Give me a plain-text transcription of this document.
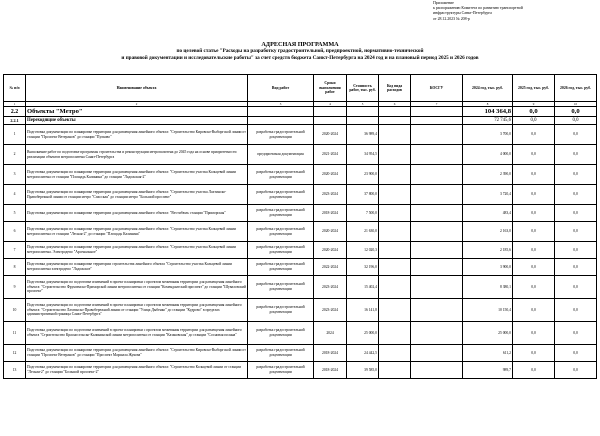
Приложение
к распоряжению Комитета по развитию транспортной
инфраструктуры Санкт-Петербурга
от 28.12.2023 № 208-р
АДРЕСНАЯ ПРОГРАММА
по целевой статье "Расходы на разработку градостроительной, предпроектной, нормативно-технической
и правовой документации и исследовательские работы" за счет средств бюджета Санкт-Петербурга на 2024 год и на плановый период 2025 и 2026 годов
№ п/п	Наименование объекта	Вид работ	Сроки выполнения работ	Стоимость работ, тыс. руб.	Код вида расходов	КОСГУ	2024 год, тыс. руб.	2025 год, тыс. руб.	2026 год, тыс. руб.
1	2	3	4	5	6	7	8	9	10
2.2	Объекты "Метро"						104 364,8	0,0	0,0
2.2.1	Переходящие объекты						72 745,6	0,0	0,0
1	Подготовка документации по планировке территории для размещения линейного объекта: "Строительство Кировско-Выборгской линии от станции "Проспект Ветеранов" до станции "Пулково"	разработка градостроительной документации	2020-2024	36 989,4			3 700,0	0,0	0,0
2	Выполнение работ по подготовке программы строительства и реконструкции метрополитена до 2045 года на основе приоритетности реализации объектов метрополитена Санкт-Петербурга	предпроектная документация	2021-2024	34 954,5			4 000,0	0,0	0,0
3	Подготовка документации по планировке территории для размещения линейного объекта: "Строительство участка Кольцевой линии метрополитена от станции "Площадь Калинина" до станции "Ладожская-2"	разработка градостроительной документации	2020-2024	23 900,0			2 390,0	0,0	0,0
4	Подготовка документации по планировке территории для размещения линейного объекта: "Строительство участка Лахтинско-Правобережной линии от станции метро "Спасская" до станции метро "Большой проспект"	разработка градостроительной документации	2023-2024	37 800,0			3 720,4	0,0	0,0
5	Подготовка документации по планировке территории для размещения линейного объекта: "Вестибюль станции "Приморская"	разработка градостроительной документации	2018-2024	7 500,0			483,4	0,0	0,0
6	Подготовка документации по планировке территории для размещения линейного объекта: "Строительство участка Кольцевой линии метрополитена от станции "Лесная-2" до станции "Площадь Калинина"	разработка градостроительной документации	2020-2024	21 630,0			2 163,0	0,0	0,0
7	Подготовка документации по планировке территории для размещения линейного объекта: "Строительство участка Кольцевой линии метрополитена. Электродепо "Арсенальное"	разработка градостроительной документации	2020-2024	12 020,3			2 185,6	0,0	0,0
8	Подготовка документации по планировке территории строительства линейного объекта "Строительство участка Кольцевой линии метрополитена электродепо "Ладожское"	разработка градостроительной документации	2022-2024	32 196,0			3 900,0	0,0	0,0
9	Подготовка документации по подготовке изменений в проект планировки с проектом межевания территории для размещения линейного объекта: "Строительство Фрунзенско-Приморской линии метрополитена от станции "Комендантский проспект" до станции "Шуваловский проспект"	разработка градостроительной документации	2023-2024	15 402,4			8 380,1	0,0	0,0
10	Подготовка документации по подготовке изменений в проект планировки с проектом межевания территории для размещения линейного объекта: "Строительство Лахтинско-Правобережной линии от станции "Улица Дыбенко" до станции "Кудрово" в пределах административной границы Санкт-Петербурга"	разработка градостроительной документации	2023-2024	16 141,8			10 150,4	0,0	0,0
11	Подготовка документации по подготовке изменений в проект планировки с проектом межевания территории для размещения линейного объекта "Строительство Красносельско-Калининской линии метрополитена от станции "Казаковская" до станции "Сосновая поляна"	разработка градостроительной документации	2024	25 000,0			25 000,0	0,0	0,0
12	Подготовка документации по планировке территории для размещения линейного объекта: "Строительство Кировско-Выборгской линии от станции "Проспект Ветеранов" до станции "Проспект Маршала Жукова"	разработка градостроительной документации	2018-2024	24 442,5			611,2	0,0	0,0
13	Подготовка документации по планировке территории для размещения линейного объекта: "Строительство Кольцевой линии от станции "Лесная-2" до станции "Большой проспект-2"	разработка градостроительной документации	2018-2024	39 585,0			989,7	0,0	0,0
